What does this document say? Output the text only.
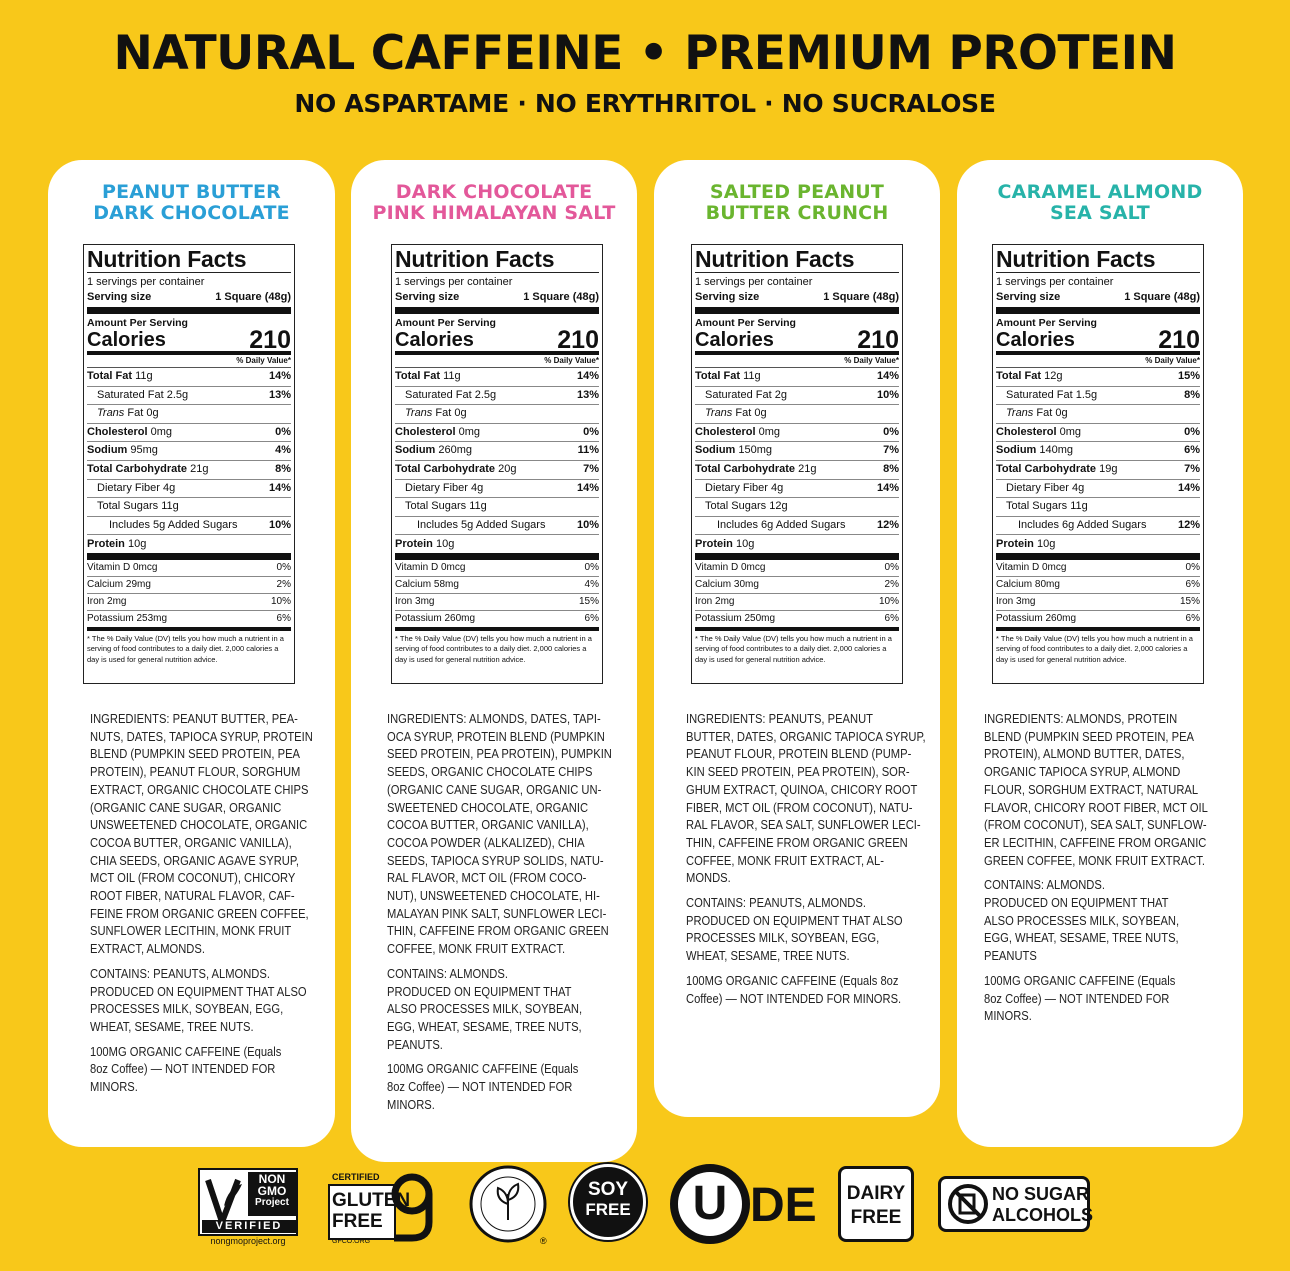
NATURAL CAFFEINE • PREMIUM PROTEIN
NO ASPARTAME · NO ERYTHRITOL · NO SUCRALOSE
PEANUT BUTTER
DARK CHOCOLATE
Nutrition Facts
1 servings per container
Serving size	1 Square (48g)
Amount Per Serving
Calories	210
% Daily Value*
Total Fat 11g	14%
Saturated Fat 2.5g	13%
Trans Fat 0g
Cholesterol 0mg	0%
Sodium 95mg	4%
Total Carbohydrate 21g	8%
Dietary Fiber 4g	14%
Total Sugars 11g
Includes 5g Added Sugars	10%
Protein 10g
Vitamin D 0mcg	0%
Calcium 29mg	2%
Iron 2mg	10%
Potassium 253mg	6%
* The % Daily Value (DV) tells you how much a nutrient in a serving of food contributes to a daily diet. 2,000 calories a day is used for general nutrition advice.

INGREDIENTS: PEANUT BUTTER, PEA-
NUTS, DATES, TAPIOCA SYRUP, PROTEIN
BLEND (PUMPKIN SEED PROTEIN, PEA
PROTEIN), PEANUT FLOUR, SORGHUM
EXTRACT, ORGANIC CHOCOLATE CHIPS
(ORGANIC CANE SUGAR, ORGANIC
UNSWEETENED CHOCOLATE, ORGANIC
COCOA BUTTER, ORGANIC VANILLA),
CHIA SEEDS, ORGANIC AGAVE SYRUP,
MCT OIL (FROM COCONUT), CHICORY
ROOT FIBER, NATURAL FLAVOR, CAF-
FEINE FROM ORGANIC GREEN COFFEE,
SUNFLOWER LECITHIN, MONK FRUIT
EXTRACT, ALMONDS.

CONTAINS: PEANUTS, ALMONDS.
PRODUCED ON EQUIPMENT THAT ALSO
PROCESSES MILK, SOYBEAN, EGG,
WHEAT, SESAME, TREE NUTS.

100MG ORGANIC CAFFEINE (Equals
8oz Coffee) — NOT INTENDED FOR
MINORS.

DARK CHOCOLATE
PINK HIMALAYAN SALT
Nutrition Facts
1 servings per container
Serving size	1 Square (48g)
Amount Per Serving
Calories	210
% Daily Value*
Total Fat 11g	14%
Saturated Fat 2.5g	13%
Trans Fat 0g
Cholesterol 0mg	0%
Sodium 260mg	11%
Total Carbohydrate 20g	7%
Dietary Fiber 4g	14%
Total Sugars 11g
Includes 5g Added Sugars	10%
Protein 10g
Vitamin D 0mcg	0%
Calcium 58mg	4%
Iron 3mg	15%
Potassium 260mg	6%
* The % Daily Value (DV) tells you how much a nutrient in a serving of food contributes to a daily diet. 2,000 calories a day is used for general nutrition advice.

INGREDIENTS: ALMONDS, DATES, TAPI-
OCA SYRUP, PROTEIN BLEND (PUMPKIN
SEED PROTEIN, PEA PROTEIN), PUMPKIN
SEEDS, ORGANIC CHOCOLATE CHIPS
(ORGANIC CANE SUGAR, ORGANIC UN-
SWEETENED CHOCOLATE, ORGANIC
COCOA BUTTER, ORGANIC VANILLA),
COCOA POWDER (ALKALIZED), CHIA
SEEDS, TAPIOCA SYRUP SOLIDS, NATU-
RAL FLAVOR, MCT OIL (FROM COCO-
NUT), UNSWEETENED CHOCOLATE, HI-
MALAYAN PINK SALT, SUNFLOWER LECI-
THIN, CAFFEINE FROM ORGANIC GREEN
COFFEE, MONK FRUIT EXTRACT.

CONTAINS: ALMONDS.
PRODUCED ON EQUIPMENT THAT
ALSO PROCESSES MILK, SOYBEAN,
EGG, WHEAT, SESAME, TREE NUTS,
PEANUTS.

100MG ORGANIC CAFFEINE (Equals
8oz Coffee) — NOT INTENDED FOR
MINORS.

SALTED PEANUT
BUTTER CRUNCH
Nutrition Facts
1 servings per container
Serving size	1 Square (48g)
Amount Per Serving
Calories	210
% Daily Value*
Total Fat 11g	14%
Saturated Fat 2g	10%
Trans Fat 0g
Cholesterol 0mg	0%
Sodium 150mg	7%
Total Carbohydrate 21g	8%
Dietary Fiber 4g	14%
Total Sugars 12g
Includes 6g Added Sugars	12%
Protein 10g
Vitamin D 0mcg	0%
Calcium 30mg	2%
Iron 2mg	10%
Potassium 250mg	6%
* The % Daily Value (DV) tells you how much a nutrient in a serving of food contributes to a daily diet. 2,000 calories a day is used for general nutrition advice.

INGREDIENTS: PEANUTS, PEANUT
BUTTER, DATES, ORGANIC TAPIOCA SYRUP,
PEANUT FLOUR, PROTEIN BLEND (PUMP-
KIN SEED PROTEIN, PEA PROTEIN), SOR-
GHUM EXTRACT, QUINOA, CHICORY ROOT
FIBER, MCT OIL (FROM COCONUT), NATU-
RAL FLAVOR, SEA SALT, SUNFLOWER LECI-
THIN, CAFFEINE FROM ORGANIC GREEN
COFFEE, MONK FRUIT EXTRACT, AL-
MONDS.

CONTAINS: PEANUTS, ALMONDS.
PRODUCED ON EQUIPMENT THAT ALSO
PROCESSES MILK, SOYBEAN, EGG,
WHEAT, SESAME, TREE NUTS.

100MG ORGANIC CAFFEINE (Equals 8oz
Coffee) — NOT INTENDED FOR MINORS.

CARAMEL ALMOND
SEA SALT
Nutrition Facts
1 servings per container
Serving size	1 Square (48g)
Amount Per Serving
Calories	210
% Daily Value*
Total Fat 12g	15%
Saturated Fat 1.5g	8%
Trans Fat 0g
Cholesterol 0mg	0%
Sodium 140mg	6%
Total Carbohydrate 19g	7%
Dietary Fiber 4g	14%
Total Sugars 11g
Includes 6g Added Sugars	12%
Protein 10g
Vitamin D 0mcg	0%
Calcium 80mg	6%
Iron 3mg	15%
Potassium 260mg	6%
* The % Daily Value (DV) tells you how much a nutrient in a serving of food contributes to a daily diet. 2,000 calories a day is used for general nutrition advice.

INGREDIENTS: ALMONDS, PROTEIN
BLEND (PUMPKIN SEED PROTEIN, PEA
PROTEIN), ALMOND BUTTER, DATES,
ORGANIC TAPIOCA SYRUP, ALMOND
FLOUR, SORGHUM EXTRACT, NATURAL
FLAVOR, CHICORY ROOT FIBER, MCT OIL
(FROM COCONUT), SEA SALT, SUNFLOW-
ER LECITHIN, CAFFEINE FROM ORGANIC
GREEN COFFEE, MONK FRUIT EXTRACT.

CONTAINS: ALMONDS.
PRODUCED ON EQUIPMENT THAT
ALSO PROCESSES MILK, SOYBEAN,
EGG, WHEAT, SESAME, TREE NUTS,
PEANUTS

100MG ORGANIC CAFFEINE (Equals
8oz Coffee) — NOT INTENDED FOR
MINORS.

NON
GMO
Project
VERIFIED
nongmoproject.org
CERTIFIED
GLUTEN
FREE
GFCO.ORG	®
SOY
FREE	U DE	DAIRY
FREE
NO SUGAR
ALCOHOLS
